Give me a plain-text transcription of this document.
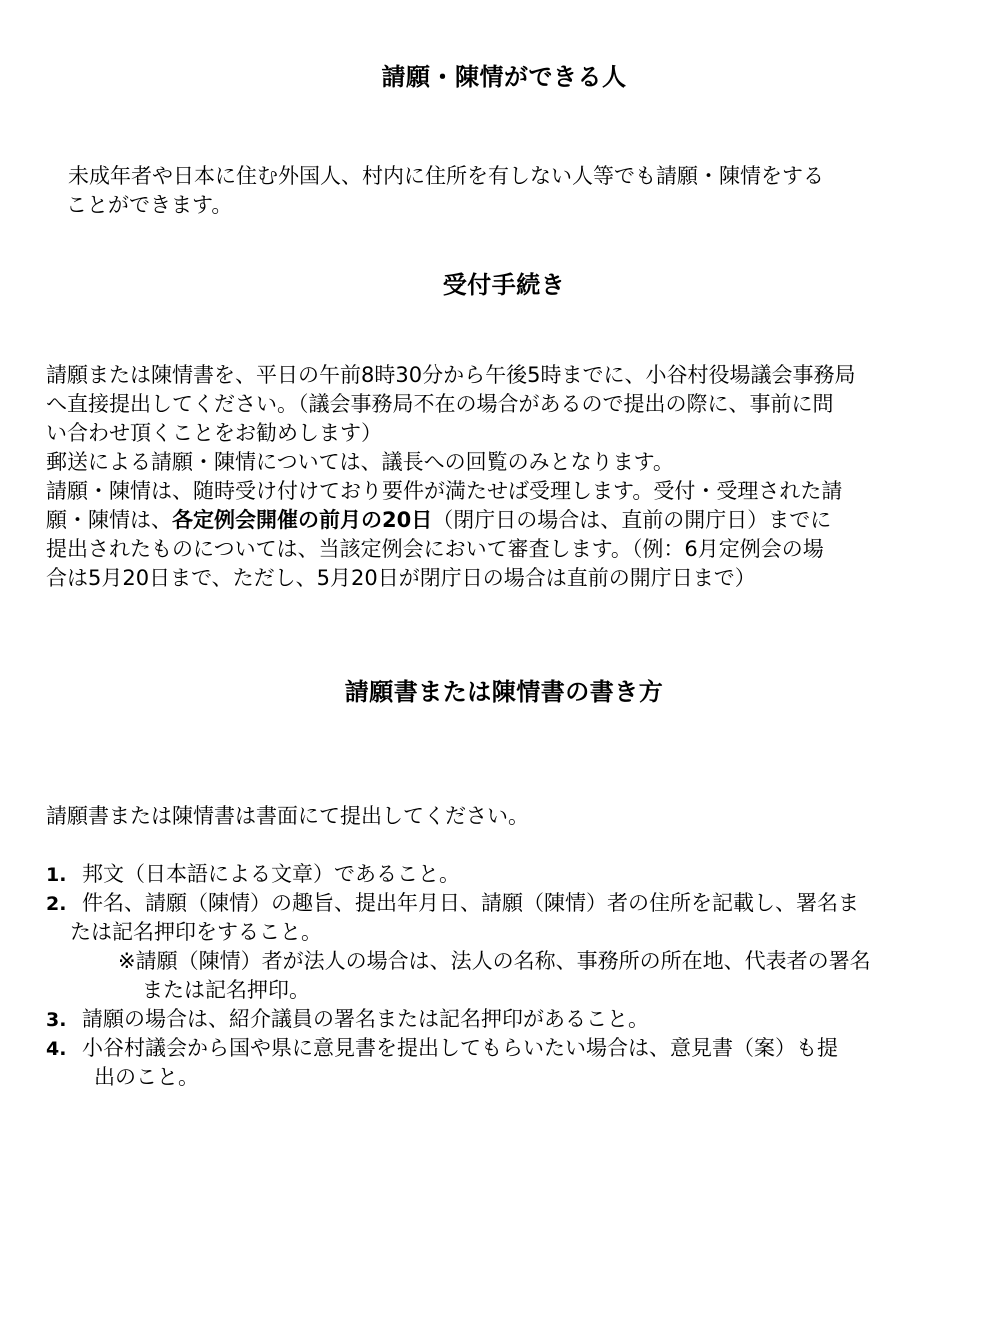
請願・陳情ができる人
未成年者や日本に住む外国人、村内に住所を有しない人等でも請願・陳情をする
ことができます。
受付手続き
請願または陳情書を、平日の午前8時30分から午後5時までに、小谷村役場議会事務局
へ直接提出してください。（議会事務局不在の場合があるので提出の際に、事前に問
い合わせ頂くことをお勧めします）
郵送による請願・陳情については、議長への回覧のみとなります。
請願・陳情は、随時受け付けており要件が満たせば受理します。受付・受理された請
願・陳情は、各定例会開催の前月の20日（閉庁日の場合は、直前の開庁日）までに
提出されたものについては、当該定例会において審査します。（例：6月定例会の場
合は5月20日まで、ただし、5月20日が閉庁日の場合は直前の開庁日まで）
請願書または陳情書の書き方
請願書または陳情書は書面にて提出してください。
1. 邦文（日本語による文章）であること。
2. 件名、請願（陳情）の趣旨、提出年月日、請願（陳情）者の住所を記載し、署名ま
たは記名押印をすること。
※請願（陳情）者が法人の場合は、法人の名称、事務所の所在地、代表者の署名
または記名押印。
3. 請願の場合は、紹介議員の署名または記名押印があること。
4. 小谷村議会から国や県に意見書を提出してもらいたい場合は、意見書（案）も提
出のこと。
